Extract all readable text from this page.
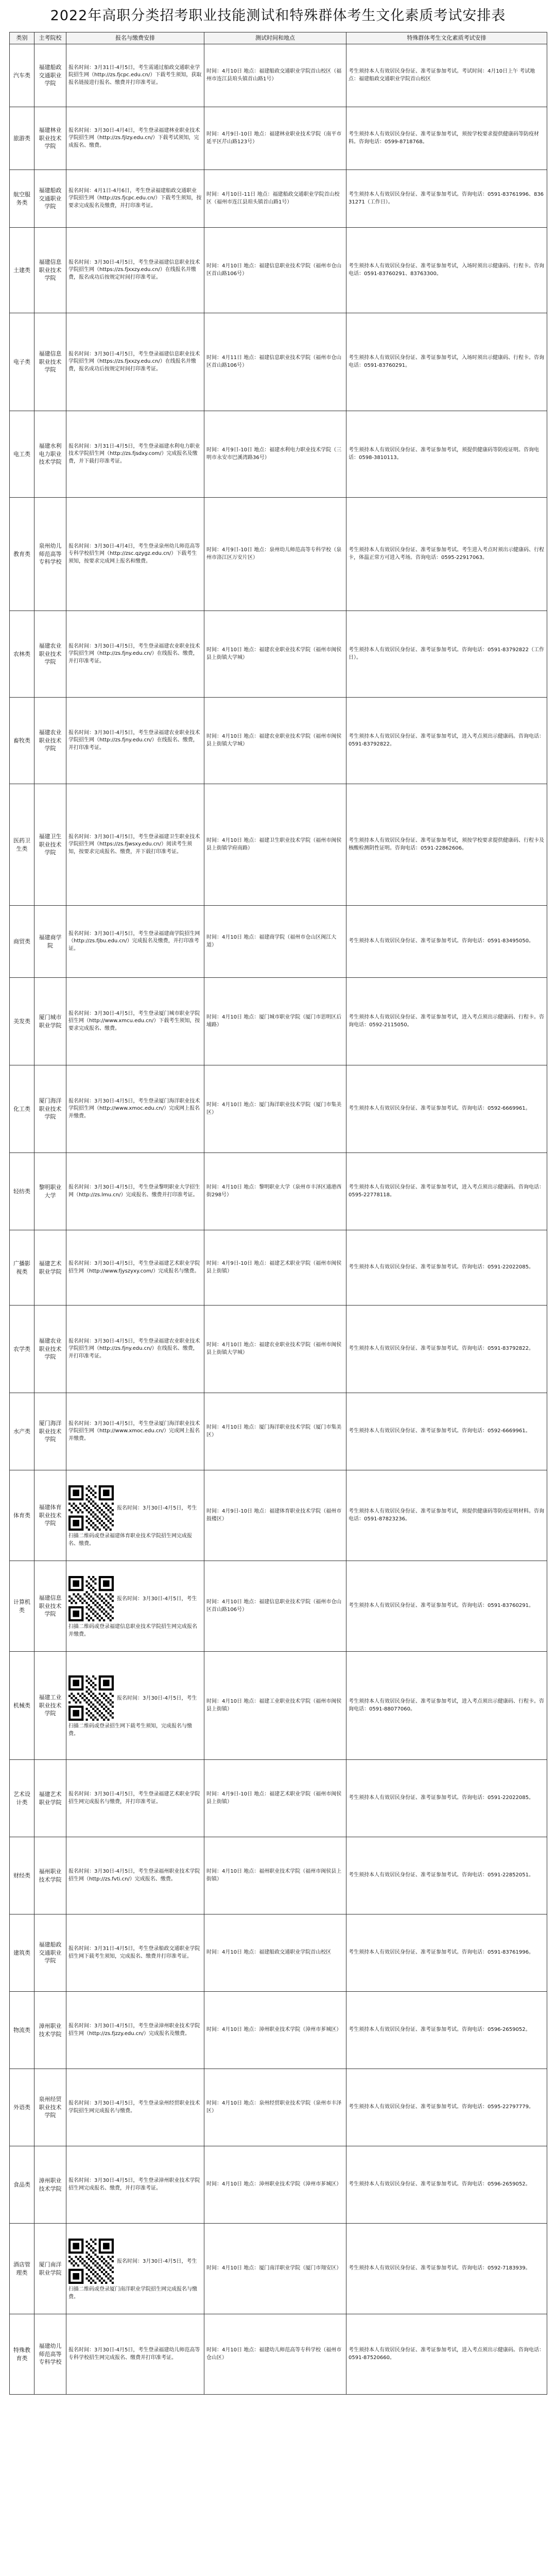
2022年高职分类招考职业技能测试和特殊群体考生文化素质考试安排表
类别	主考院校	报名与缴费安排	测试时间和地点	特殊群体考生文化素质考试安排
汽车类	福建船政交通职业学院	报名时间：3月31日-4月5日，考生需通过船政交通职业学院招生网（http://zs.fjcpc.edu.cn/）下载考生须知，获取报名链接进行报名、缴费并打印准考证。	时间：4月10日 地点：福建船政交通职业学院首山校区（福州市连江县琯头镇首山路1号）	考生须持本人有效居民身份证、准考证参加考试。考试时间：4月10日上午 考试地点：福建船政交通职业学院首山校区
旅游类	福建林业职业技术学院	报名时间：3月30日-4月4日，考生登录福建林业职业技术学院招生网（http://zs.fjlzy.edu.cn/）下载考试须知，完成报名、缴费。	时间：4月9日-10日 地点：福建林业职业技术学院（南平市延平区芹山路123号）	考生须持本人有效居民身份证、准考证参加考试，须按学校要求提供健康码等防疫材料。咨询电话：0599-8718768。
航空服务类	福建船政交通职业学院	报名时间：4月1日-4月6日，考生登录福建船政交通职业学院招生网（http://zs.fjcpc.edu.cn/）下载考生须知，按要求完成报名及缴费，并打印准考证。	时间：4月10日-11日 地点：福建船政交通职业学院首山校区（福州市连江县琯头镇首山路1号）	考生须持本人有效居民身份证、准考证参加考试。咨询电话：0591-83761996、83631271（工作日）。
土建类	福建信息职业技术学院	报名时间：3月30日-4月5日，考生登录福建信息职业技术学院招生网（https://zs.fjxxzy.edu.cn/）在线报名并缴费，报名成功后按规定时间打印准考证。	时间：4月10日 地点：福建信息职业技术学院（福州市仓山区首山路106号）	考生须持本人有效居民身份证、准考证参加考试，入场时须出示健康码、行程卡。咨询电话：0591-83760291、83763300。
电子类	福建信息职业技术学院	报名时间：3月30日-4月5日，考生登录福建信息职业技术学院招生网（https://zs.fjxxzy.edu.cn/）在线报名并缴费，报名成功后按规定时间打印准考证。	时间：4月11日 地点：福建信息职业技术学院（福州市仓山区首山路106号）	考生须持本人有效居民身份证、准考证参加考试，入场时须出示健康码、行程卡。咨询电话：0591-83760291。
电工类	福建水利电力职业技术学院	报名时间：3月31日-4月5日，考生登录福建水利电力职业技术学院招生网（http://zs.fjsdxy.com/）完成报名及缴费，并下载打印准考证。	时间：4月9日-10日 地点：福建水利电力职业技术学院（三明市永安市巴溪湾路36号）	考生须持本人有效居民身份证、准考证参加考试，须提供健康码等防疫证明。咨询电话：0598-3810113。
教育类	泉州幼儿师范高等专科学校	报名时间：3月30日-4月4日，考生登录泉州幼儿师范高等专科学校招生网（http://zsc.qzygz.edu.cn/）下载考生须知，按要求完成网上报名和缴费。	时间：4月9日-10日 地点：泉州幼儿师范高等专科学校（泉州市洛江区万安片区）	考生须持本人有效居民身份证、准考证参加考试。考生进入考点时须出示健康码、行程卡，体温正常方可进入考场。咨询电话：0595-22917063。
农林类	福建农业职业技术学院	报名时间：3月30日-4月5日，考生登录福建农业职业技术学院招生网（http://zs.fjny.edu.cn/）在线报名、缴费，并打印准考证。	时间：4月10日 地点：福建农业职业技术学院（福州市闽侯县上街镇大学城）	考生须持本人有效居民身份证、准考证参加考试。咨询电话：0591-83792822（工作日）。
畜牧类	福建农业职业技术学院	报名时间：3月30日-4月5日，考生登录福建农业职业技术学院招生网（http://zs.fjny.edu.cn/）在线报名、缴费，并打印准考证。	时间：4月10日 地点：福建农业职业技术学院（福州市闽侯县上街镇大学城）	考生须持本人有效居民身份证、准考证参加考试，进入考点须出示健康码。咨询电话：0591-83792822。
医药卫生类	福建卫生职业技术学院	报名时间：3月30日-4月5日，考生登录福建卫生职业技术学院招生网（https://zs.fjwsxy.edu.cn/）阅读考生须知，按要求完成报名、缴费，并下载打印准考证。	时间：4月10日 地点：福建卫生职业技术学院（福州市闽侯县上街镇学府南路）	考生须持本人有效居民身份证、准考证参加考试，须按学校要求提供健康码、行程卡及核酸检测阴性证明。咨询电话：0591-22862606。
商贸类	福建商学院	报名时间：3月30日-4月5日，考生登录福建商学院招生网（http://zs.fjbu.edu.cn/）完成报名及缴费，并打印准考证。	时间：4月10日 地点：福建商学院（福州市仓山区闽江大道）	考生须持本人有效居民身份证、准考证参加考试。咨询电话：0591-83495050。
美发类	厦门城市职业学院	报名时间：3月30日-4月5日，考生登录厦门城市职业学院招生网（http://www.xmcu.edu.cn/）下载考生须知，按要求完成报名、缴费。	时间：4月10日 地点：厦门城市职业学院（厦门市思明区后埔路）	考生须持本人有效居民身份证、准考证参加考试，进入考点须出示健康码、行程卡。咨询电话：0592-2115050。
化工类	厦门海洋职业技术学院	报名时间：3月30日-4月5日，考生登录厦门海洋职业技术学院招生网（http://www.xmoc.edu.cn/）完成网上报名并缴费。	时间：4月10日 地点：厦门海洋职业技术学院（厦门市集美区）	考生须持本人有效居民身份证、准考证参加考试。咨询电话：0592-6669961。
轻纺类	黎明职业大学	报名时间：3月30日-4月5日，考生登录黎明职业大学招生网（http://zs.lmu.cn/）完成报名、缴费并打印准考证。	时间：4月10日 地点：黎明职业大学（泉州市丰泽区通港西街298号）	考生须持本人有效居民身份证、准考证参加考试，进入考点须出示健康码。咨询电话：0595-22778118。
广播影视类	福建艺术职业学院	报名时间：3月30日-4月5日，考生登录福建艺术职业学院招生网（http://www.fjyszyxy.com/）完成报名与缴费。	时间：4月9日-10日 地点：福建艺术职业学院（福州市闽侯县上街镇）	考生须持本人有效居民身份证、准考证参加考试。咨询电话：0591-22022085。
农学类	福建农业职业技术学院	报名时间：3月30日-4月5日，考生登录福建农业职业技术学院招生网（http://zs.fjny.edu.cn/）在线报名、缴费，并打印准考证。	时间：4月10日 地点：福建农业职业技术学院（福州市闽侯县上街镇大学城）	考生须持本人有效居民身份证、准考证参加考试。咨询电话：0591-83792822。
水产类	厦门海洋职业技术学院	报名时间：3月30日-4月5日，考生登录厦门海洋职业技术学院招生网（http://www.xmoc.edu.cn/）完成网上报名并缴费。	时间：4月10日 地点：厦门海洋职业技术学院（厦门市集美区）	考生须持本人有效居民身份证、准考证参加考试。咨询电话：0592-6669961。
体育类	福建体育职业技术学院	报名时间：3月30日-4月5日，考生扫描二维码或登录福建体育职业技术学院招生网完成报名、缴费。	时间：4月9日-10日 地点：福建体育职业技术学院（福州市鼓楼区）	考生须持本人有效居民身份证、准考证参加考试，须提供健康码等防疫证明材料。咨询电话：0591-87823236。
计算机类	福建信息职业技术学院	报名时间：3月30日-4月5日，考生扫描二维码或登录福建信息职业技术学院招生网完成报名并缴费。	时间：4月10日 地点：福建信息职业技术学院（福州市仓山区首山路106号）	考生须持本人有效居民身份证、准考证参加考试。咨询电话：0591-83760291。
机械类	福建工业职业技术学院	报名时间：3月30日-4月5日，考生扫描二维码或登录招生网下载考生须知，完成报名与缴费。	时间：4月10日 地点：福建工业职业技术学院（福州市闽侯县上街镇）	考生须持本人有效居民身份证、准考证参加考试，进入考点须出示健康码、行程卡。咨询电话：0591-88077060。
艺术设计类	福建艺术职业学院	报名时间：3月30日-4月5日，考生登录福建艺术职业学院招生网完成报名与缴费，并打印准考证。	时间：4月9日-10日 地点：福建艺术职业学院（福州市闽侯县上街镇）	考生须持本人有效居民身份证、准考证参加考试。咨询电话：0591-22022085。
财经类	福州职业技术学院	报名时间：3月30日-4月5日，考生登录福州职业技术学院招生网（http://zs.fvti.cn/）完成报名、缴费。	时间：4月10日 地点：福州职业技术学院（福州市闽侯县上街镇）	考生须持本人有效居民身份证、准考证参加考试。咨询电话：0591-22852051。
建筑类	福建船政交通职业学院	报名时间：3月31日-4月5日，考生登录船政交通职业学院招生网下载考生须知，完成报名、缴费并打印准考证。	时间：4月10日 地点：福建船政交通职业学院首山校区	考生须持本人有效居民身份证、准考证参加考试。咨询电话：0591-83761996。
物流类	漳州职业技术学院	报名时间：3月30日-4月5日，考生登录漳州职业技术学院招生网（http://zs.fjzzy.edu.cn/）完成报名及缴费。	时间：4月10日 地点：漳州职业技术学院（漳州市芗城区）	考生须持本人有效居民身份证、准考证参加考试。咨询电话：0596-2659052。
外语类	泉州经贸职业技术学院	报名时间：3月30日-4月5日，考生登录泉州经贸职业技术学院招生网完成报名与缴费。	时间：4月10日 地点：泉州经贸职业技术学院（泉州市丰泽区）	考生须持本人有效居民身份证、准考证参加考试。咨询电话：0595-22797779。
食品类	漳州职业技术学院	报名时间：3月30日-4月5日，考生登录漳州职业技术学院招生网完成报名、缴费，并打印准考证。	时间：4月10日 地点：漳州职业技术学院（漳州市芗城区）	考生须持本人有效居民身份证、准考证参加考试。咨询电话：0596-2659052。
酒店管理类	厦门南洋职业学院	报名时间：3月30日-4月5日，考生扫描二维码或登录厦门南洋职业学院招生网完成报名与缴费。	时间：4月10日 地点：厦门南洋职业学院（厦门市翔安区）	考生须持本人有效居民身份证、准考证参加考试。咨询电话：0592-7183939。
特殊教育类	福建幼儿师范高等专科学校	报名时间：3月30日-4月5日，考生登录福建幼儿师范高等专科学校招生网完成报名、缴费并打印准考证。	时间：4月10日 地点：福建幼儿师范高等专科学校（福州市仓山区）	考生须持本人有效居民身份证、准考证参加考试，进入考点须出示健康码。咨询电话：0591-87520660。
